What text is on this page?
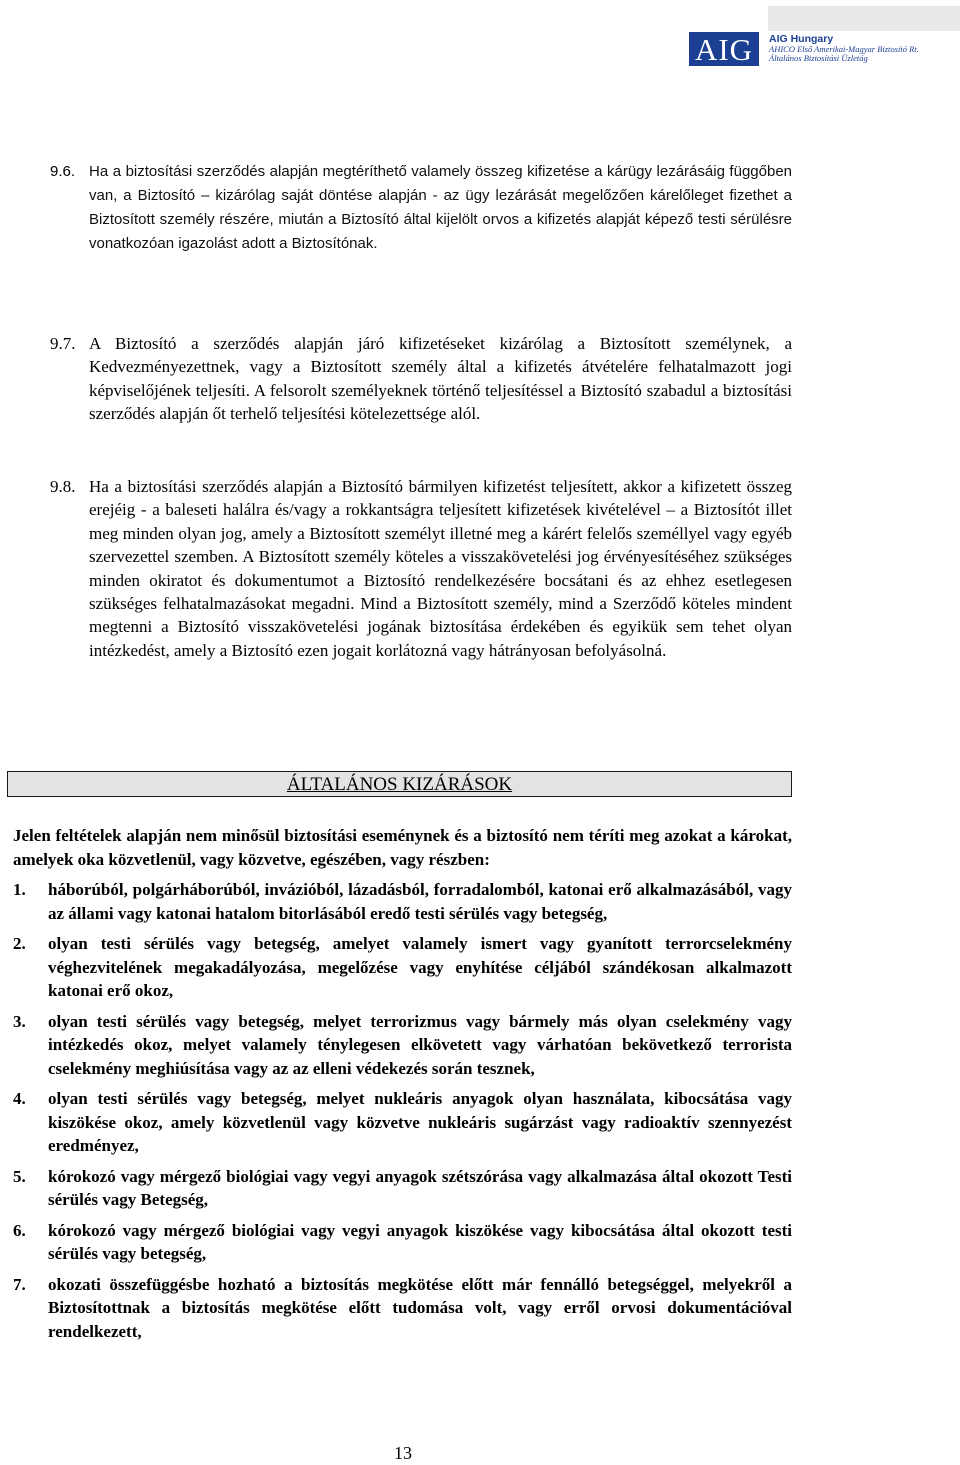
AIG	AIG Hungary
AHICO Első Amerikai-Magyar Biztosító Rt.
Általános Biztosítási Üzletág
9.6. Ha a biztosítási szerződés alapján megtéríthető valamely összeg kifizetése a kárügy lezárásáig függőben van, a Biztosító – kizárólag saját döntése alapján - az ügy lezárását megelőzően kárelőleget fizethet a Biztosított személy részére, miután a Biztosító által kijelölt orvos a kifizetés alapját képező testi sérülésre vonatkozóan igazolást adott a Biztosítónak.
9.7. A Biztosító a szerződés alapján járó kifizetéseket kizárólag a Biztosított személynek, a Kedvezményezettnek, vagy a Biztosított személy által a kifizetés átvételére felhatalmazott jogi képviselőjének teljesíti. A felsorolt személyeknek történő teljesítéssel a Biztosító szabadul a biztosítási szerződés alapján őt terhelő teljesítési kötelezettsége alól.
9.8. Ha a biztosítási szerződés alapján a Biztosító bármilyen kifizetést teljesített, akkor a kifizetett összeg erejéig - a baleseti halálra és/vagy a rokkantságra teljesített kifizetések kivételével – a Biztosítót illet meg minden olyan jog, amely a Biztosított személyt illetné meg a kárért felelős személlyel vagy egyéb szervezettel szemben. A Biztosított személy köteles a visszakövetelési jog érvényesítéséhez szükséges minden okiratot és dokumentumot a Biztosító rendelkezésére bocsátani és az ehhez esetlegesen szükséges felhatalmazásokat megadni. Mind a Biztosított személy, mind a Szerződő köteles mindent megtenni a Biztosító visszakövetelési jogának biztosítása érdekében és egyikük sem tehet olyan intézkedést, amely a Biztosító ezen jogait korlátozná vagy hátrányosan befolyásolná.
ÁLTALÁNOS KIZÁRÁSOK
Jelen feltételek alapján nem minősül biztosítási eseménynek és a biztosító nem téríti meg azokat a károkat, amelyek oka közvetlenül, vagy közvetve, egészében, vagy részben:
1. háborúból, polgárháborúból, invázióból, lázadásból, forradalomból, katonai erő alkalmazásából, vagy az állami vagy katonai hatalom bitorlásából eredő testi sérülés vagy betegség,
2. olyan testi sérülés vagy betegség, amelyet valamely ismert vagy gyanított terrorcselekmény véghezvitelének megakadályozása, megelőzése vagy enyhítése céljából szándékosan alkalmazott katonai erő okoz,
3. olyan testi sérülés vagy betegség, melyet terrorizmus vagy bármely más olyan cselekmény vagy intézkedés okoz, melyet valamely ténylegesen elkövetett vagy várhatóan bekövetkező terrorista cselekmény meghiúsítása vagy az az elleni védekezés során tesznek,
4. olyan testi sérülés vagy betegség, melyet nukleáris anyagok olyan használata, kibocsátása vagy kiszökése okoz, amely közvetlenül vagy közvetve nukleáris sugárzást vagy radioaktív szennyezést eredményez,
5. kórokozó vagy mérgező biológiai vagy vegyi anyagok szétszórása vagy alkalmazása által okozott Testi sérülés vagy Betegség,
6. kórokozó vagy mérgező biológiai vagy vegyi anyagok kiszökése vagy kibocsátása által okozott testi sérülés vagy betegség,
7. okozati összefüggésbe hozható a biztosítás megkötése előtt már fennálló betegséggel, melyekről a Biztosítottnak a biztosítás megkötése előtt tudomása volt, vagy erről orvosi dokumentációval rendelkezett,
13
